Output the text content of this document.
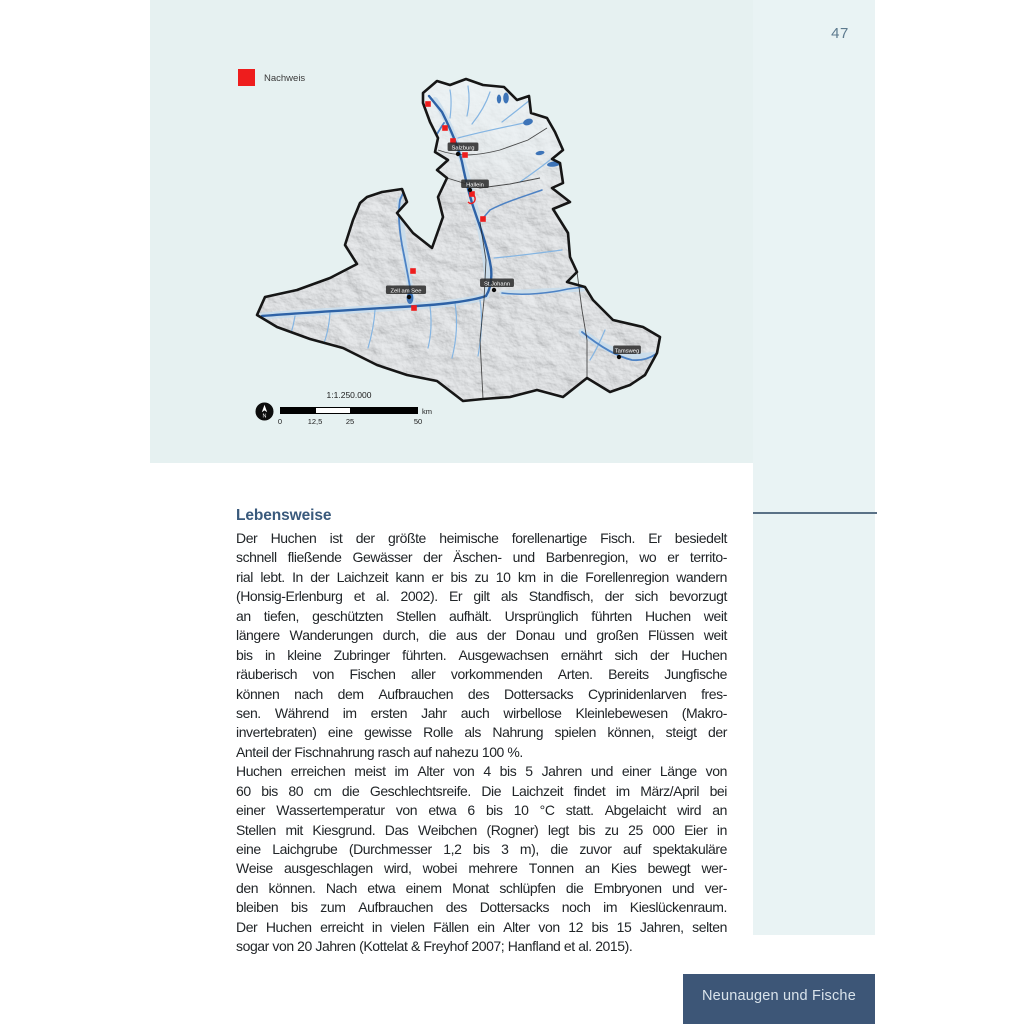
Salzburg
Hallein
Zell am See
St.Johann
Tamsweg
Nachweis
1:1.250.000
0	12,5	25	50
km
N
47
Lebensweise
Der Huchen ist der größte heimische forellenartige Fisch. Er besiedelt
schnell fließende Gewässer der Äschen- und Barbenregion, wo er territo-
rial lebt. In der Laichzeit kann er bis zu 10 km in die Forellenregion wandern
(Honsig-Erlenburg et al. 2002). Er gilt als Standfisch, der sich bevorzugt
an tiefen, geschützten Stellen aufhält. Ursprünglich führten Huchen weit
längere Wanderungen durch, die aus der Donau und großen Flüssen weit
bis in kleine Zubringer führten. Ausgewachsen ernährt sich der Huchen
räuberisch von Fischen aller vorkommenden Arten. Bereits Jungfische
können nach dem Aufbrauchen des Dottersacks Cyprinidenlarven fres-
sen. Während im ersten Jahr auch wirbellose Kleinlebewesen (Makro-
invertebraten) eine gewisse Rolle als Nahrung spielen können, steigt der
Anteil der Fischnahrung rasch auf nahezu 100 %.
Huchen erreichen meist im Alter von 4 bis 5 Jahren und einer Länge von
60 bis 80 cm die Geschlechtsreife. Die Laichzeit findet im März/April bei
einer Wassertemperatur von etwa 6 bis 10 °C statt. Abgelaicht wird an
Stellen mit Kiesgrund. Das Weibchen (Rogner) legt bis zu 25 000 Eier in
eine Laichgrube (Durchmesser 1,2 bis 3 m), die zuvor auf spektakuläre
Weise ausgeschlagen wird, wobei mehrere Tonnen an Kies bewegt wer-
den können. Nach etwa einem Monat schlüpfen die Embryonen und ver-
bleiben bis zum Aufbrauchen des Dottersacks noch im Kieslückenraum.
Der Huchen erreicht in vielen Fällen ein Alter von 12 bis 15 Jahren, selten
sogar von 20 Jahren (Kottelat & Freyhof 2007; Hanfland et al. 2015).
Neunaugen und Fische
